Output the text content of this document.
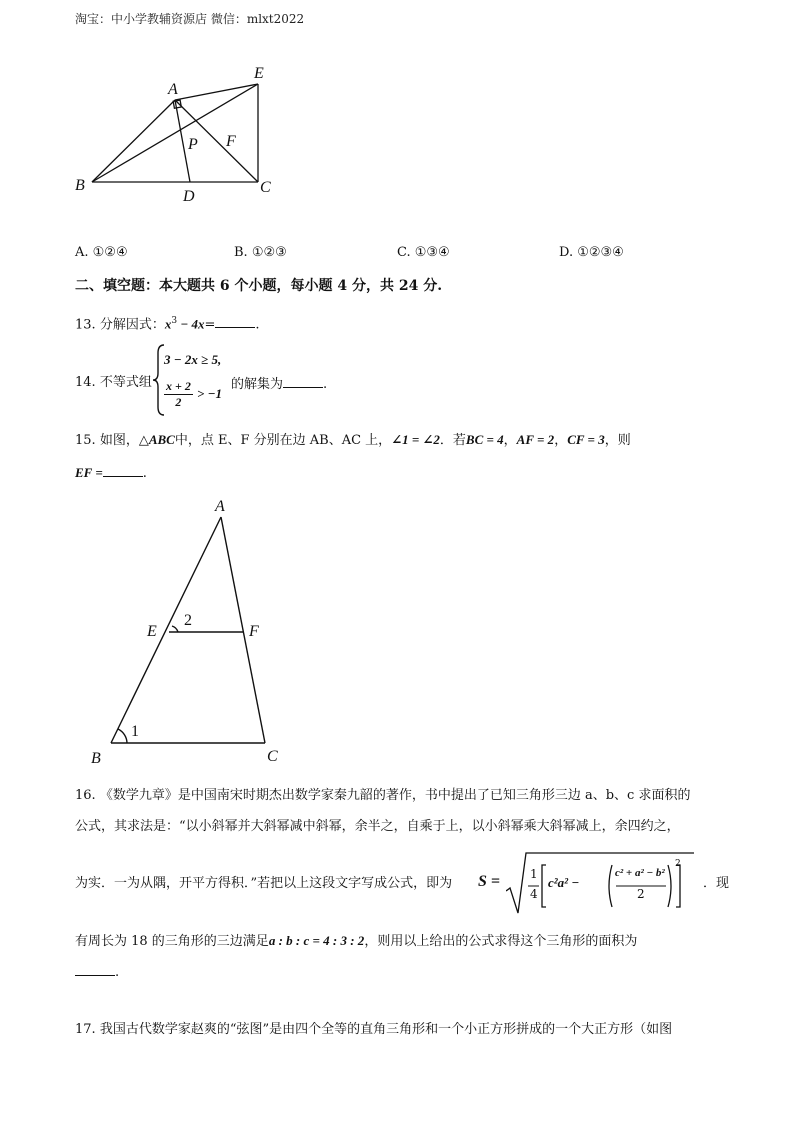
淘宝：中小学教辅资源店 微信：mlxt2022
A
E
P F
B
D
C
A. ①②④	B. ①②③	C. ①③④	D. ①②③④
二、填空题：本大题共 6 个小题，每小题 4 分，共 24 分.
13. 分解因式：$x^3 - 4x=$	.
14. 不等式组
3 − 2x ≥ 5,
$\frac{x + 2}{2} > -1$
的解集为	.
15. 如图，△ABC中，点 E、F 分别在边 AB、AC 上，∠1 = ∠2．若BC = 4，AF = 2，CF = 3，则
EF =	.
A
E	F
B	C
1
2
16. 《数学九章》是中国南宋时期杰出数学家秦九韶的著作，书中提出了已知三角形三边 a、b、c 求面积的
公式，其求法是：“以小斜幂并大斜幂减中斜幂，余半之，自乘于上，以小斜幂乘大斜幂减上，余四约之，
为实．一为从隅，开平方得积．”若把以上这段文字写成公式，即为 S = 1
4
c²a² −
c² + a² − b²
2
2
．现
有周长为 18 的三角形的三边满足a : b : c = 4 : 3 : 2，则用以上给出的公式求得这个三角形的面积为
.
17. 我国古代数学家赵爽的“弦图”是由四个全等的直角三角形和一个小正方形拼成的一个大正方形（如图
